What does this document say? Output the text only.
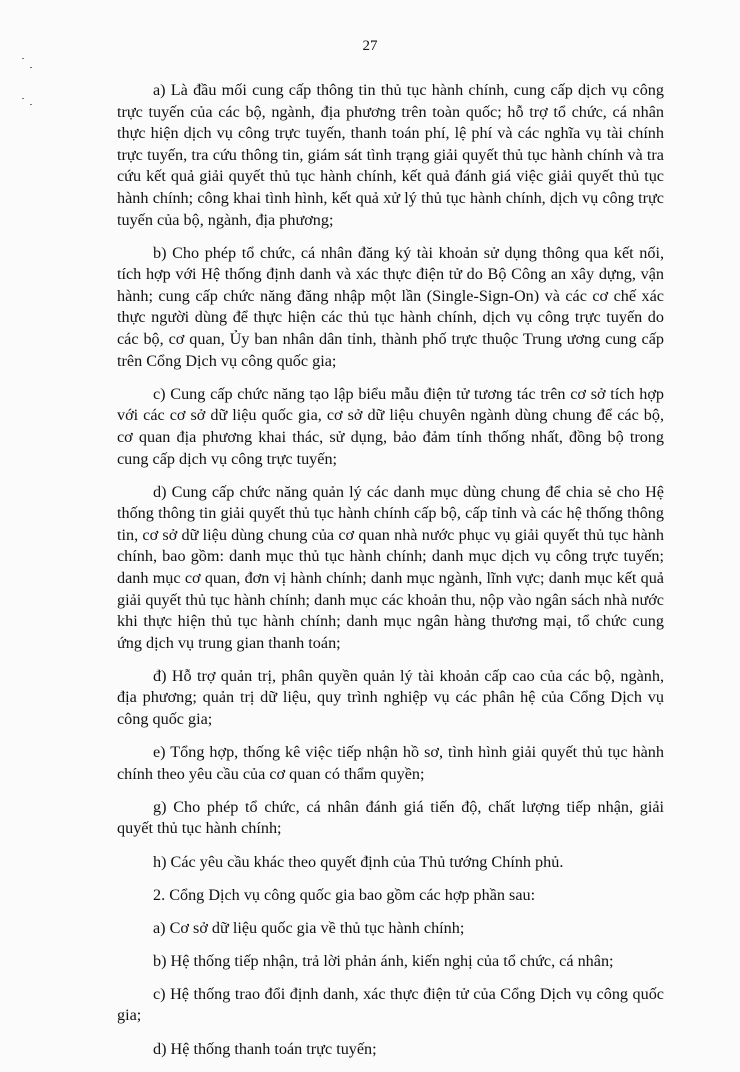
27

a) Là đầu mối cung cấp thông tin thủ tục hành chính, cung cấp dịch vụ công trực tuyến của các bộ, ngành, địa phương trên toàn quốc; hỗ trợ tổ chức, cá nhân thực hiện dịch vụ công trực tuyến, thanh toán phí, lệ phí và các nghĩa vụ tài chính trực tuyến, tra cứu thông tin, giám sát tình trạng giải quyết thủ tục hành chính và tra cứu kết quả giải quyết thủ tục hành chính, kết quả đánh giá việc giải quyết thủ tục hành chính; công khai tình hình, kết quả xử lý thủ tục hành chính, dịch vụ công trực tuyến của bộ, ngành, địa phương;

b) Cho phép tổ chức, cá nhân đăng ký tài khoản sử dụng thông qua kết nối, tích hợp với Hệ thống định danh và xác thực điện tử do Bộ Công an xây dựng, vận hành; cung cấp chức năng đăng nhập một lần (Single-Sign-On) và các cơ chế xác thực người dùng để thực hiện các thủ tục hành chính, dịch vụ công trực tuyến do các bộ, cơ quan, Ủy ban nhân dân tỉnh, thành phố trực thuộc Trung ương cung cấp trên Cổng Dịch vụ công quốc gia;

c) Cung cấp chức năng tạo lập biểu mẫu điện tử tương tác trên cơ sở tích hợp với các cơ sở dữ liệu quốc gia, cơ sở dữ liệu chuyên ngành dùng chung để các bộ, cơ quan địa phương khai thác, sử dụng, bảo đảm tính thống nhất, đồng bộ trong cung cấp dịch vụ công trực tuyến;

d) Cung cấp chức năng quản lý các danh mục dùng chung để chia sẻ cho Hệ thống thông tin giải quyết thủ tục hành chính cấp bộ, cấp tỉnh và các hệ thống thông tin, cơ sở dữ liệu dùng chung của cơ quan nhà nước phục vụ giải quyết thủ tục hành chính, bao gồm: danh mục thủ tục hành chính; danh mục dịch vụ công trực tuyến; danh mục cơ quan, đơn vị hành chính; danh mục ngành, lĩnh vực; danh mục kết quả giải quyết thủ tục hành chính; danh mục các khoản thu, nộp vào ngân sách nhà nước khi thực hiện thủ tục hành chính; danh mục ngân hàng thương mại, tổ chức cung ứng dịch vụ trung gian thanh toán;

đ) Hỗ trợ quản trị, phân quyền quản lý tài khoản cấp cao của các bộ, ngành, địa phương; quản trị dữ liệu, quy trình nghiệp vụ các phân hệ của Cổng Dịch vụ công quốc gia;

e) Tổng hợp, thống kê việc tiếp nhận hồ sơ, tình hình giải quyết thủ tục hành chính theo yêu cầu của cơ quan có thẩm quyền;

g) Cho phép tổ chức, cá nhân đánh giá tiến độ, chất lượng tiếp nhận, giải quyết thủ tục hành chính;

h) Các yêu cầu khác theo quyết định của Thủ tướng Chính phủ.

2. Cổng Dịch vụ công quốc gia bao gồm các hợp phần sau:

a) Cơ sở dữ liệu quốc gia về thủ tục hành chính;

b) Hệ thống tiếp nhận, trả lời phản ánh, kiến nghị của tổ chức, cá nhân;

c) Hệ thống trao đổi định danh, xác thực điện tử của Cổng Dịch vụ công quốc gia;

d) Hệ thống thanh toán trực tuyến;
